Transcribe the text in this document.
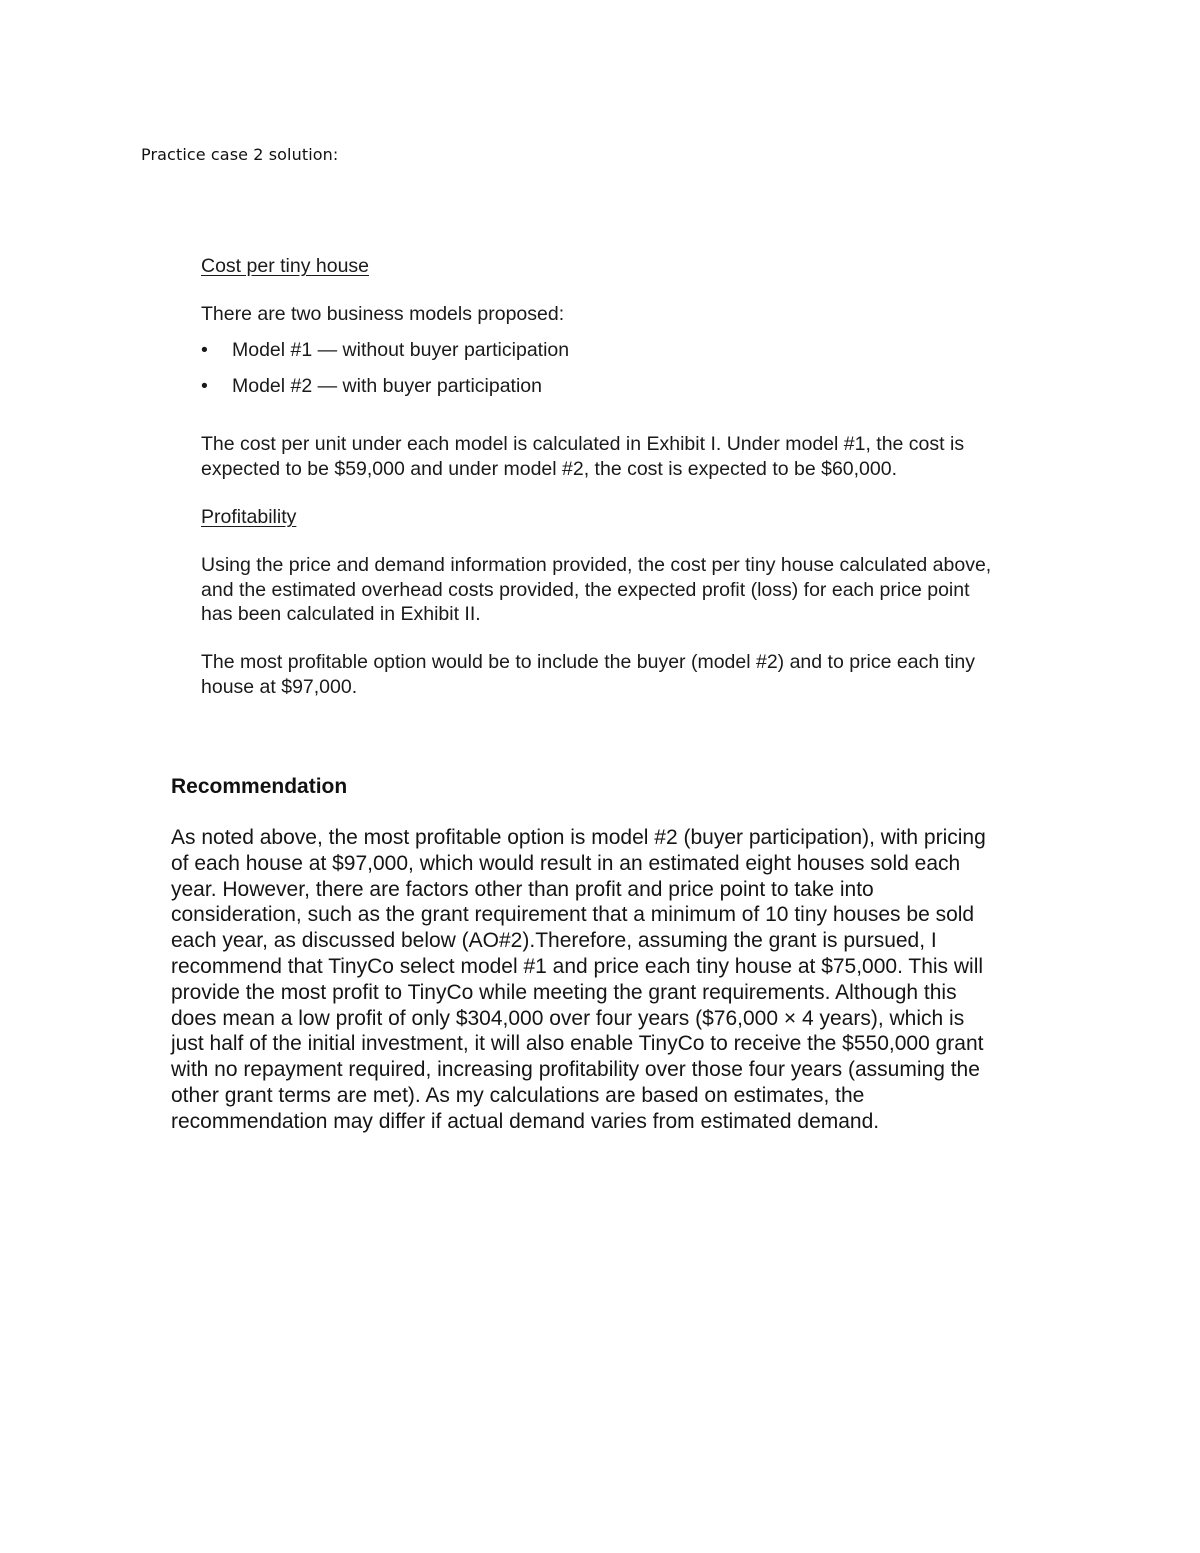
Practice case 2 solution:

Cost per tiny house

There are two business models proposed:

• Model #1 — without buyer participation
• Model #2 — with buyer participation

The cost per unit under each model is calculated in Exhibit I. Under model #1, the cost is expected to be $59,000 and under model #2, the cost is expected to be $60,000.

Profitability

Using the price and demand information provided, the cost per tiny house calculated above, and the estimated overhead costs provided, the expected profit (loss) for each price point has been calculated in Exhibit II.

The most profitable option would be to include the buyer (model #2) and to price each tiny house at $97,000.

Recommendation

As noted above, the most profitable option is model #2 (buyer participation), with pricing
of each house at $97,000, which would result in an estimated eight houses sold each
year. However, there are factors other than profit and price point to take into
consideration, such as the grant requirement that a minimum of 10 tiny houses be sold
each year, as discussed below (AO#2).Therefore, assuming the grant is pursued, I
recommend that TinyCo select model #1 and price each tiny house at $75,000. This will
provide the most profit to TinyCo while meeting the grant requirements. Although this
does mean a low profit of only $304,000 over four years ($76,000 × 4 years), which is
just half of the initial investment, it will also enable TinyCo to receive the $550,000 grant
with no repayment required, increasing profitability over those four years (assuming the
other grant terms are met). As my calculations are based on estimates, the
recommendation may differ if actual demand varies from estimated demand.
